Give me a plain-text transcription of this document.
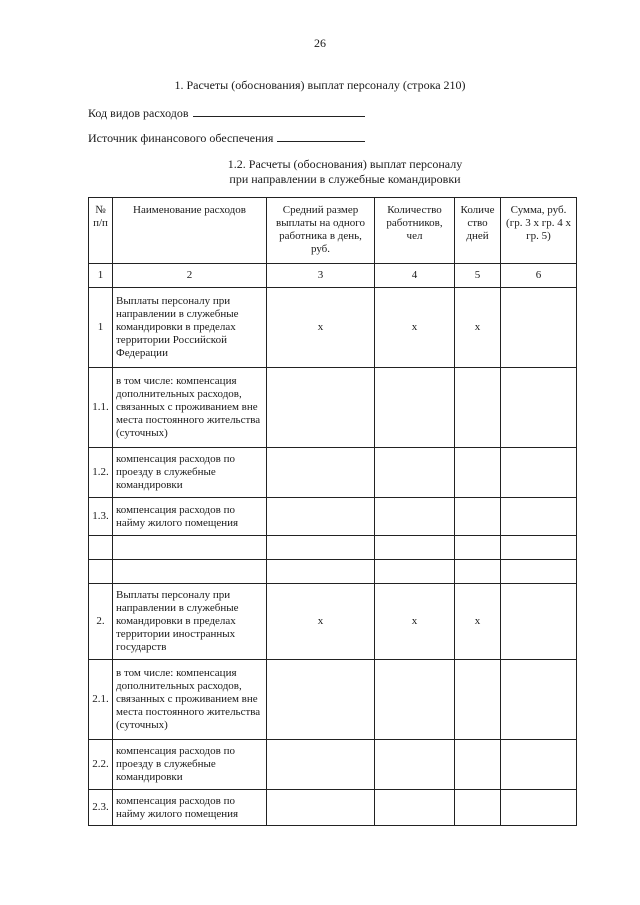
26
1. Расчеты (обоснования) выплат персоналу (строка 210)
Код видов расходов
Источник финансового обеспечения
1.2. Расчеты (обоснования) выплат персоналу
при направлении в служебные командировки
№ п/п	Наименование расходов	Средний размер выплаты на одного работника в день, руб.	Количество работников, чел	Количе ство дней	Сумма, руб. (гр. 3 х гр. 4 х гр. 5)
1	2	3	4	5	6
1	Выплаты персоналу при направлении в служебные командировки в пределах территории Российской Федерации	х	х	х	
1.1.	в том числе: компенсация дополнительных расходов, связанных с проживанием вне места постоянного жительства (суточных)				
1.2.	компенсация расходов по проезду в служебные командировки				
1.3.	компенсация расходов по найму жилого помещения				

2.	Выплаты персоналу при направлении в служебные командировки в пределах территории иностранных государств	х	х	х	
2.1.	в том числе: компенсация дополнительных расходов, связанных с проживанием вне места постоянного жительства (суточных)				
2.2.	компенсация расходов по проезду в служебные командировки				
2.3.	компенсация расходов по найму жилого помещения				
